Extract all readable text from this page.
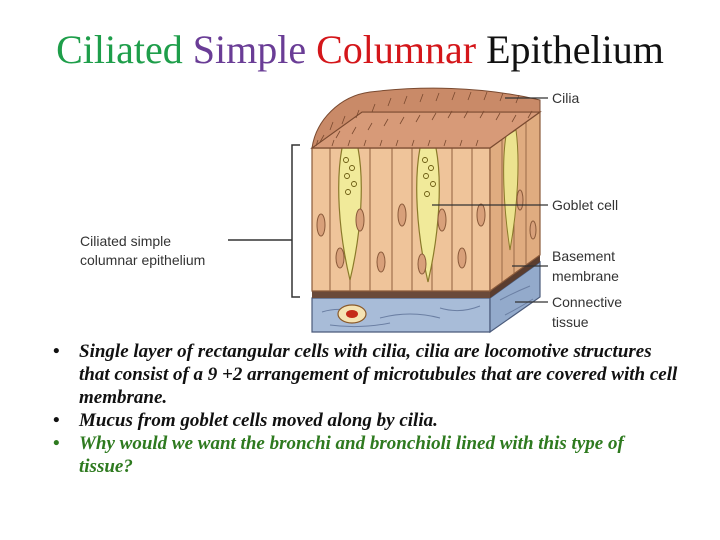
Ciliated Simple Columnar Epithelium
Ciliated simple
columnar epithelium
Cilia
Goblet cell
Basement
membrane
Connective
tissue
• Single layer of rectangular cells with cilia, cilia are locomotive structures that consist of a 9 +2 arrangement of microtubules that are covered with cell membrane.
• Mucus from goblet cells moved along by cilia.
• Why would we want the bronchi and bronchioli lined with this type of tissue?
